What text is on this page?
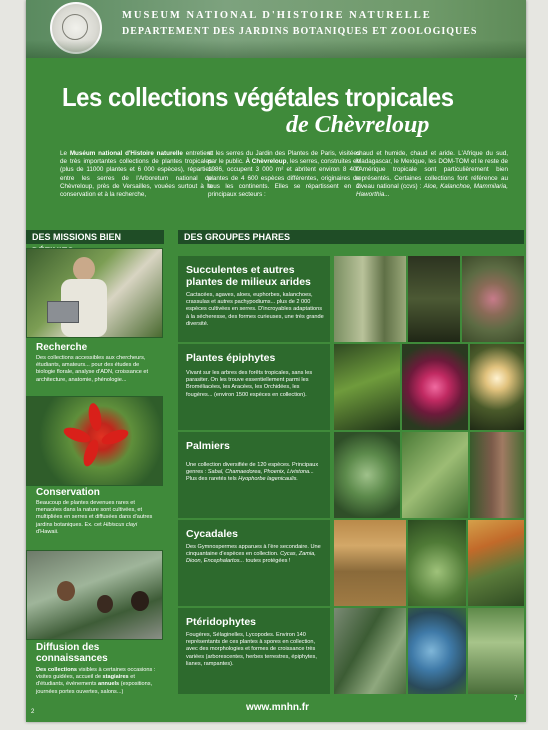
MUSEUM NATIONAL D'HISTOIRE NATURELLE
DEPARTEMENT DES JARDINS BOTANIQUES ET ZOOLOGIQUES
Les collections végétales tropicales
de Chèvreloup
Le Muséum national d'Histoire naturelle entretient de très importantes collections de plantes tropicales (plus de 11000 plantes et 6 000 espèces), réparties entre les serres de l'Arboretum national de Chèvreloup, près de Versailles, vouées surtout à la conservation et à la recherche,
et les serres du Jardin des Plantes de Paris, visitées par le public. À Chèvreloup, les serres, construites en 1986, occupent 3 000 m² et abritent environ 8 400 plantes de 4 600 espèces différentes, originaires de tous les continents. Elles se répartissent en 2 principaux secteurs :
chaud et humide, chaud et aride. L'Afrique du sud, Madagascar, le Mexique, les DOM-TOM et le reste de l'Amérique tropicale sont particulièrement bien représentés. Certaines collections font référence au niveau national (ccvs) : Aloe, Kalanchoe, Mammilaria, Haworthia...
DES MISSIONS BIEN	DES GROUPES PHARES
Recherche
Des collections accessibles aux chercheurs, étudiants, amateurs... pour des études de biologie florale, analyse d'ADN, croissance et architecture, anatomie, phénologie...
Conservation
Beaucoup de plantes devenues rares et menacées dans la nature sont cultivées, et multipliées en serres et diffusées dans d'autres jardins botaniques. Ex. cet Hibiscus clayi d'Hawaii.
Diffusion des connaissances
Des collections visibles à certaines occasions : visites guidées, accueil de stagiaires et d'étudiants, événements annuels (expositions, journées portes ouvertes, salons...)
Succulentes et autres plantes de milieux arides
Cactacées, agaves, aloes, euphorbes, kalanchoes, crassulas et autres pachypodiums... plus de 2 000 espèces cultivées en serres. D'incroyables adaptations à la sécheresse, des formes curieuses, une très grande diversité.
Plantes épiphytes
Vivant sur les arbres des forêts tropicales, sans les parasiter. On les trouve essentiellement parmi les Broméliacées, les Aracées, les Orchidées, les fougères... (environ 1500 espèces en collection).
Palmiers
Une collection diversifiée de 120 espèces. Principaux genres : Sabal, Chamaedorea, Phoenix, Livistona... Plus des raretés tels Hyophorbe lagenicaulis.
Cycadales
Des Gymnospermes apparues à l'ère secondaire. Une cinquantaine d'espèces en collection. Cycas, Zamia, Dioon, Encephalartos... toutes protégées !
Ptéridophytes
Fougères, Sélaginelles, Lycopodes. Environ 140 représentants de ces plantes à spores en collection, avec des morphologies et formes de croissance très variées (arborescentes, herbes terrestres, épiphytes, lianes, rampantes).
www.mnhn.fr
2
7
